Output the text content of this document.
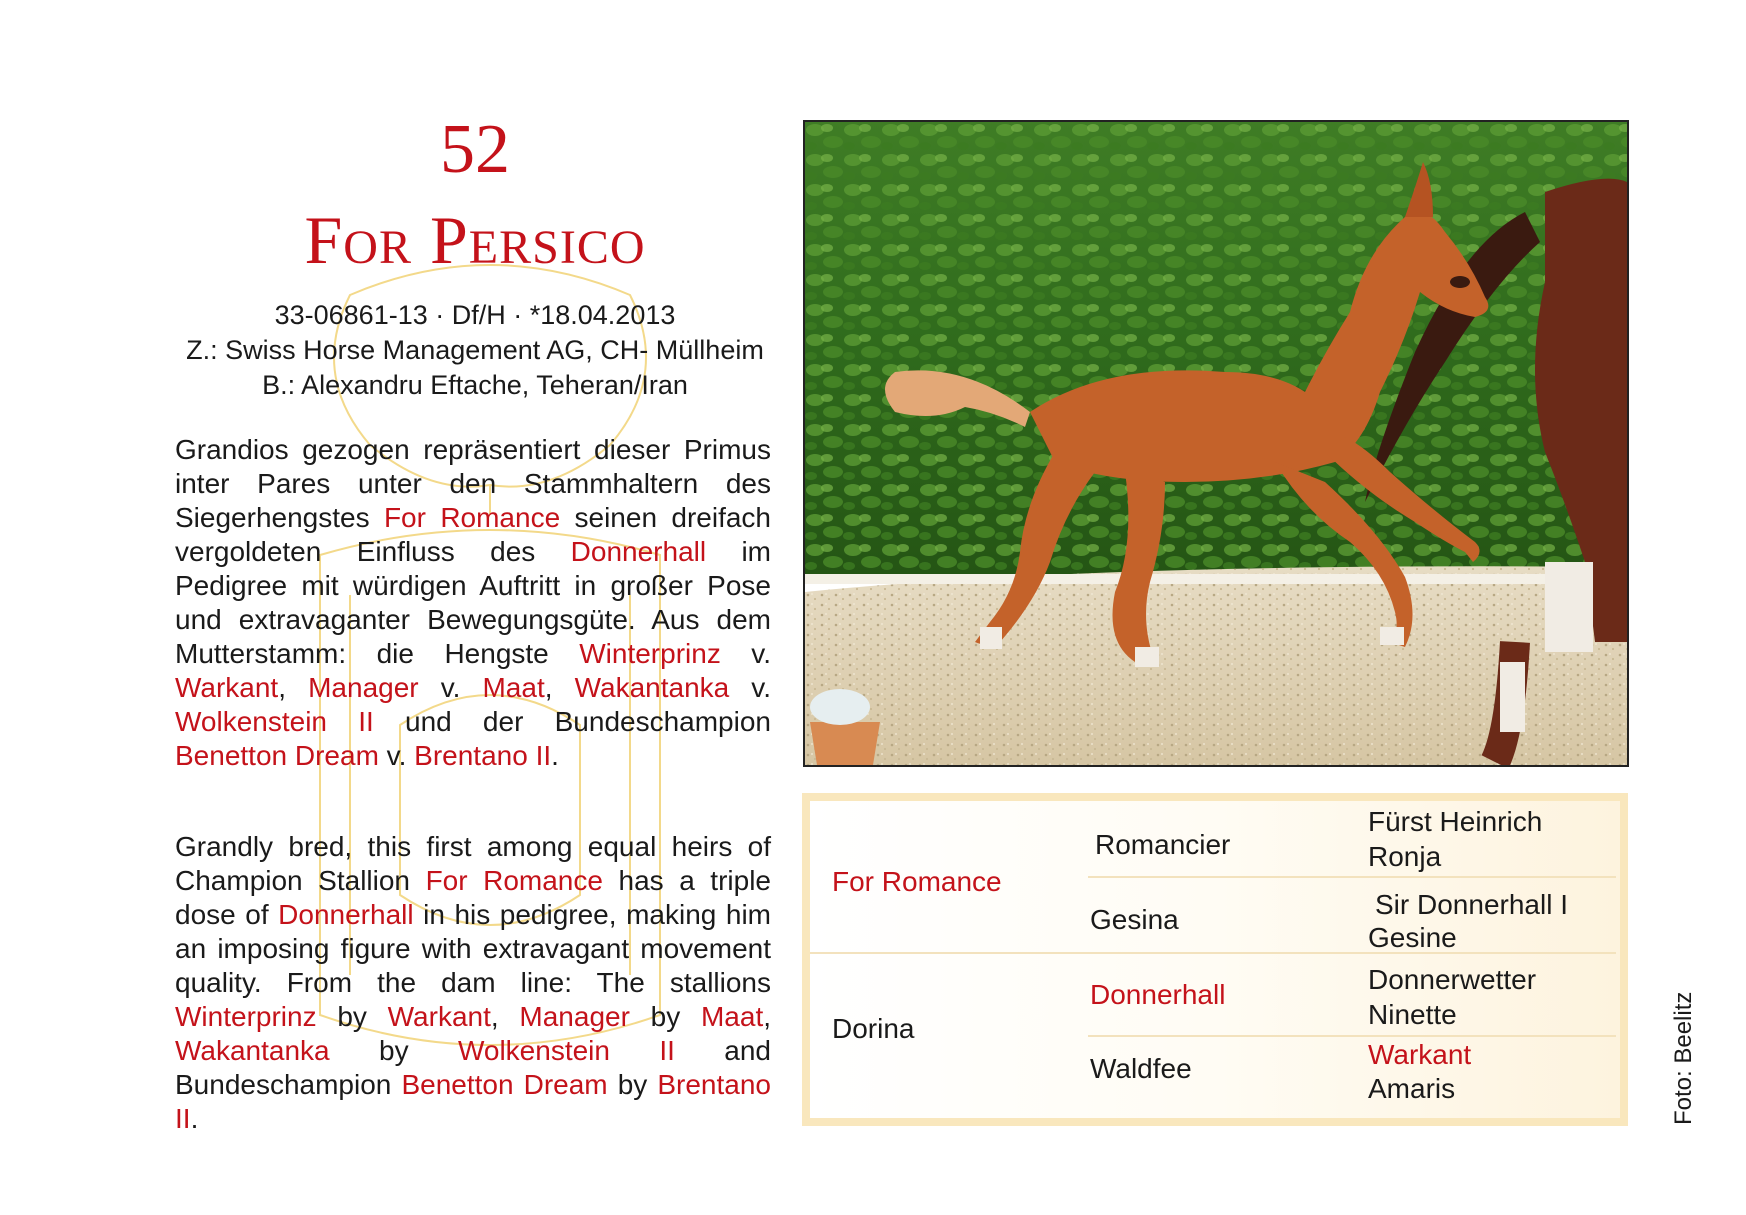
52
For Persico
33-06861-13 · Df/H · *18.04.2013
Z.: Swiss Horse Management AG, CH- Müllheim
B.: Alexandru Eftache, Teheran/Iran

Grandios gezogen repräsentiert dieser Primus inter Pares unter den Stammhaltern des Siegerhengstes For Romance seinen dreifach vergoldeten Einfluss des Donnerhall im Pedigree mit würdigen Auftritt in großer Pose und extravaganter Bewegungsgüte. Aus dem Mutterstamm: die Hengste Winterprinz v. Warkant, Manager v. Maat, Wakantanka v. Wolkenstein II und der Bundeschampion Benetton Dream v. Brentano II.

Grandly bred, this first among equal heirs of Champion Stallion For Romance has a triple dose of Donnerhall in his pedigree, making him an imposing figure with extravagant movement quality. From the dam line: The stallions Winterprinz by Warkant, Manager by Maat, Wakantanka by Wolkenstein II and Bundeschampion Benetton Dream by Brentano II.

For Romance
Dorina
Romancier
Gesina
Donnerhall
Waldfee
Fürst Heinrich
Ronja
Sir Donnerhall I
Gesine
Donnerwetter
Ninette
Warkant
Amaris	Foto: Beelitz
